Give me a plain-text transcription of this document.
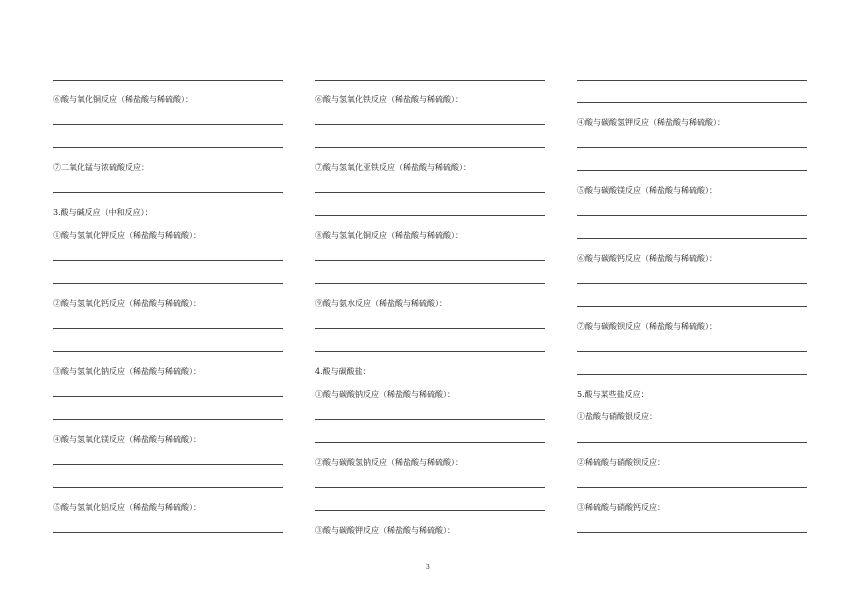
⑥酸与氧化铜反应（稀盐酸与稀硫酸）：
⑦二氧化锰与浓硫酸反应：
3.酸与碱反应（中和反应）：
①酸与氢氧化钾反应（稀盐酸与稀硫酸）：
②酸与氢氧化钙反应（稀盐酸与稀硫酸）：
③酸与氢氧化钠反应（稀盐酸与稀硫酸）：
④酸与氢氧化镁反应（稀盐酸与稀硫酸）：
⑤酸与氢氧化铝反应（稀盐酸与稀硫酸）：
⑥酸与氢氧化铁反应（稀盐酸与稀硫酸）：
⑦酸与氢氧化亚铁反应（稀盐酸与稀硫酸）：
⑧酸与氢氧化铜反应（稀盐酸与稀硫酸）：
⑨酸与氨水反应（稀盐酸与稀硫酸）：
4.酸与碳酸盐：
①酸与碳酸钠反应（稀盐酸与稀硫酸）：
②酸与碳酸氢钠反应（稀盐酸与稀硫酸）：
③酸与碳酸钾反应（稀盐酸与稀硫酸）：
④酸与碳酸氢钾反应（稀盐酸与稀硫酸）：
⑤酸与碳酸镁反应（稀盐酸与稀硫酸）：
⑥酸与碳酸钙反应（稀盐酸与稀硫酸）：
⑦酸与碳酸钡反应（稀盐酸与稀硫酸）：
5.酸与某些盐反应：
①盐酸与硝酸银反应：
②稀硫酸与硝酸钡反应：
③稀硫酸与硝酸钙反应：
3
